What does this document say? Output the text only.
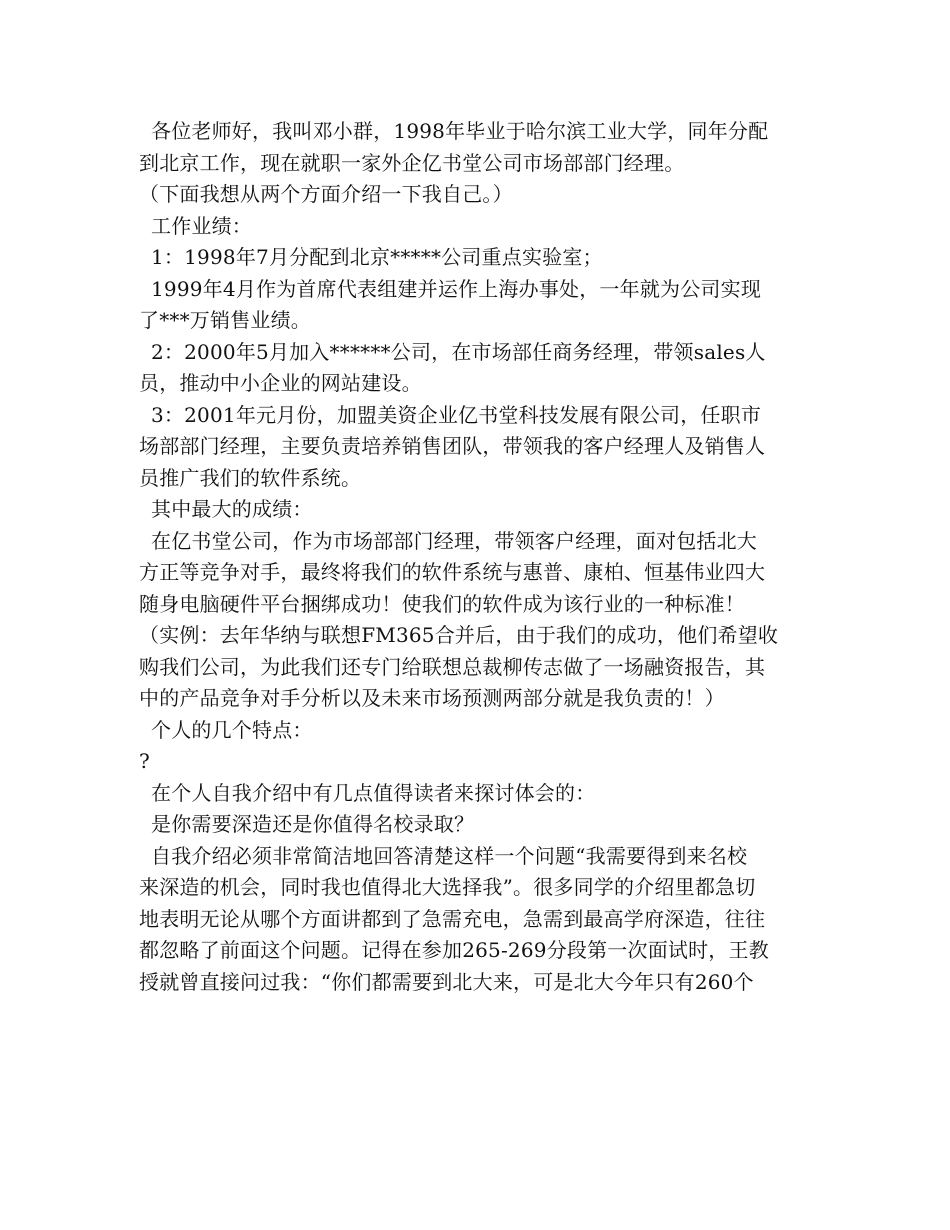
各位老师好，我叫邓小群，1998年毕业于哈尔滨工业大学，同年分配
到北京工作，现在就职一家外企亿书堂公司市场部部门经理。
（下面我想从两个方面介绍一下我自己。）
工作业绩：
1：1998年7月分配到北京*****公司重点实验室；
1999年4月作为首席代表组建并运作上海办事处，一年就为公司实现
了***万销售业绩。
2：2000年5月加入******公司，在市场部任商务经理，带领sales人
员，推动中小企业的网站建设。
3：2001年元月份，加盟美资企业亿书堂科技发展有限公司，任职市
场部部门经理，主要负责培养销售团队，带领我的客户经理人及销售人
员推广我们的软件系统。
其中最大的成绩：
在亿书堂公司，作为市场部部门经理，带领客户经理，面对包括北大
方正等竞争对手，最终将我们的软件系统与惠普、康柏、恒基伟业四大
随身电脑硬件平台捆绑成功！使我们的软件成为该行业的一种标准！
（实例：去年华纳与联想FM365合并后，由于我们的成功，他们希望收
购我们公司，为此我们还专门给联想总裁柳传志做了一场融资报告，其
中的产品竞争对手分析以及未来市场预测两部分就是我负责的！）
个人的几个特点：
?
在个人自我介绍中有几点值得读者来探讨体会的：
是你需要深造还是你值得名校录取？
自我介绍必须非常简洁地回答清楚这样一个问题“我需要得到来名校
来深造的机会，同时我也值得北大选择我”。很多同学的介绍里都急切
地表明无论从哪个方面讲都到了急需充电，急需到最高学府深造，往往
都忽略了前面这个问题。记得在参加265-269分段第一次面试时，王教
授就曾直接问过我：“你们都需要到北大来，可是北大今年只有260个
